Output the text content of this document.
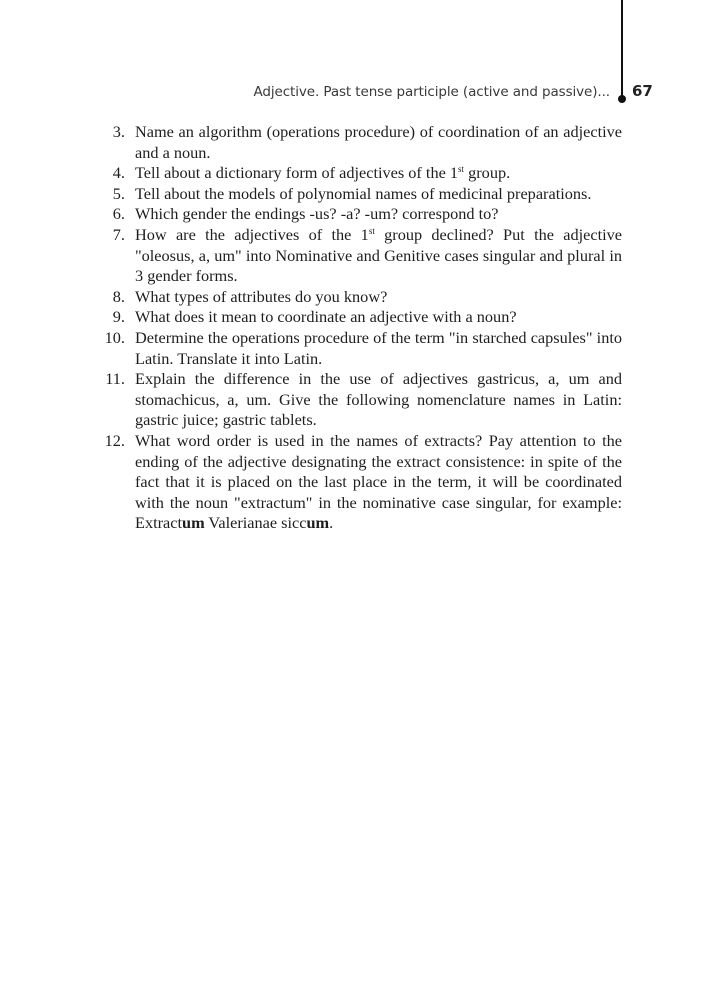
Adjective. Past tense participle (active and passive)... 67
3. Name an algorithm (operations procedure) of coordination of an adjective and a noun.
4. Tell about a dictionary form of adjectives of the 1st group.
5. Tell about the models of polynomial names of medicinal preparations.
6. Which gender the endings -us? -a? -um? correspond to?
7. How are the adjectives of the 1st group declined? Put the adjective "oleosus, a, um" into Nominative and Genitive cases singular and plural in 3 gender forms.
8. What types of attributes do you know?
9. What does it mean to coordinate an adjective with a noun?
10. Determine the operations procedure of the term "in starched capsules" into Latin. Translate it into Latin.
11. Explain the difference in the use of adjectives gastricus, a, um and stomachicus, a, um. Give the following nomenclature names in Latin: gastric juice; gastric tablets.
12. What word order is used in the names of extracts? Pay attention to the ending of the adjective designating the extract consistence: in spite of the fact that it is placed on the last place in the term, it will be coordinated with the noun "extractum" in the nominative case singular, for example: Extractum Valerianae siccum.
